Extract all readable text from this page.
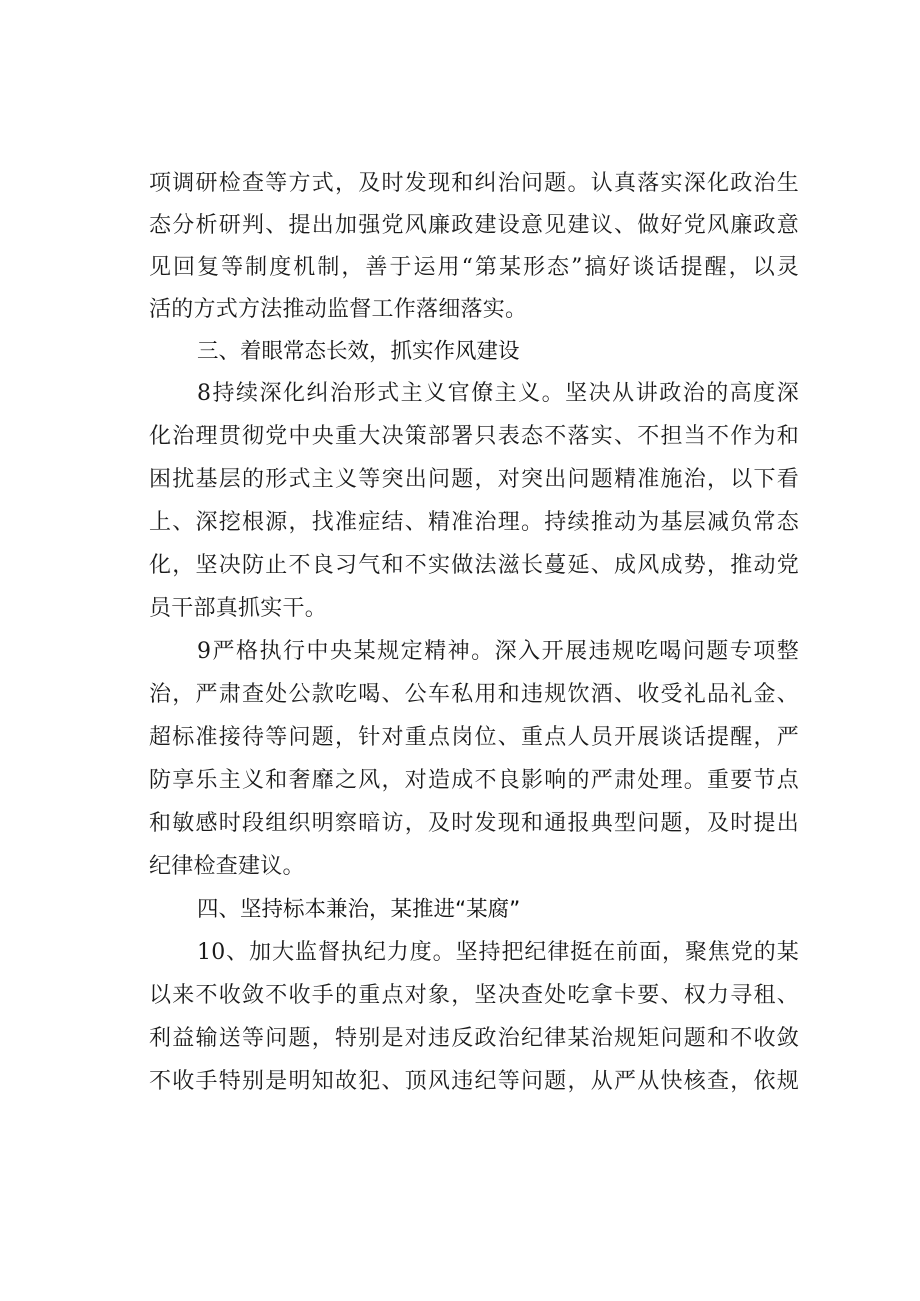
项调研检查等方式，及时发现和纠治问题。认真落实深化政治生
态分析研判、提出加强党风廉政建设意见建议、做好党风廉政意
见回复等制度机制，善于运用“第某形态”搞好谈话提醒，以灵
活的方式方法推动监督工作落细落实。
三、着眼常态长效，抓实作风建设
8持续深化纠治形式主义官僚主义。坚决从讲政治的高度深
化治理贯彻党中央重大决策部署只表态不落实、不担当不作为和
困扰基层的形式主义等突出问题，对突出问题精准施治，以下看
上、深挖根源，找准症结、精准治理。持续推动为基层减负常态
化，坚决防止不良习气和不实做法滋长蔓延、成风成势，推动党
员干部真抓实干。
9严格执行中央某规定精神。深入开展违规吃喝问题专项整
治，严肃查处公款吃喝、公车私用和违规饮酒、收受礼品礼金、
超标准接待等问题，针对重点岗位、重点人员开展谈话提醒，严
防享乐主义和奢靡之风，对造成不良影响的严肃处理。重要节点
和敏感时段组织明察暗访，及时发现和通报典型问题，及时提出
纪律检查建议。
四、坚持标本兼治，某推进“某腐”
10、加大监督执纪力度。坚持把纪律挺在前面，聚焦党的某
以来不收敛不收手的重点对象，坚决查处吃拿卡要、权力寻租、
利益输送等问题，特别是对违反政治纪律某治规矩问题和不收敛
不收手特别是明知故犯、顶风违纪等问题，从严从快核查，依规
